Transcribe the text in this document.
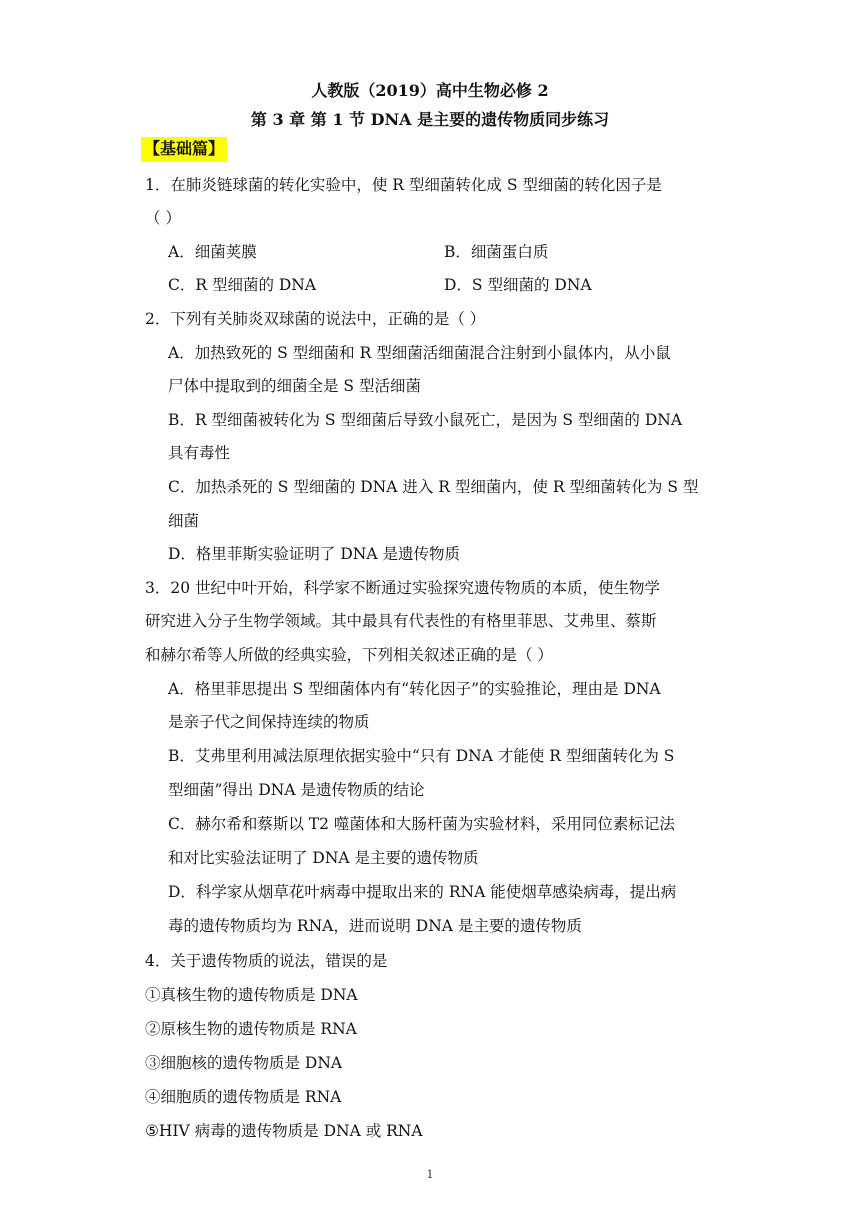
人教版（2019）高中生物必修 2
第 3 章 第 1 节 DNA 是主要的遗传物质同步练习
【基础篇】
1．在肺炎链球菌的转化实验中，使 R 型细菌转化成 S 型细菌的转化因子是
（ ）
A．细菌荚膜	B．细菌蛋白质
C．R 型细菌的 DNA	D．S 型细菌的 DNA
2．下列有关肺炎双球菌的说法中，正确的是（ ）
A．加热致死的 S 型细菌和 R 型细菌活细菌混合注射到小鼠体内，从小鼠
尸体中提取到的细菌全是 S 型活细菌
B．R 型细菌被转化为 S 型细菌后导致小鼠死亡，是因为 S 型细菌的 DNA
具有毒性
C．加热杀死的 S 型细菌的 DNA 进入 R 型细菌内，使 R 型细菌转化为 S 型
细菌
D．格里菲斯实验证明了 DNA 是遗传物质
3．20 世纪中叶开始，科学家不断通过实验探究遗传物质的本质，使生物学
研究进入分子生物学领域。其中最具有代表性的有格里菲思、艾弗里、蔡斯
和赫尔希等人所做的经典实验，下列相关叙述正确的是（ ）
A．格里菲思提出 S 型细菌体内有“转化因子”的实验推论，理由是 DNA
是亲子代之间保持连续的物质
B．艾弗里利用减法原理依据实验中“只有 DNA 才能使 R 型细菌转化为 S
型细菌”得出 DNA 是遗传物质的结论
C．赫尔希和蔡斯以 T2 噬菌体和大肠杆菌为实验材料，采用同位素标记法
和对比实验法证明了 DNA 是主要的遗传物质
D．科学家从烟草花叶病毒中提取出来的 RNA 能使烟草感染病毒，提出病
毒的遗传物质均为 RNA，进而说明 DNA 是主要的遗传物质
4．关于遗传物质的说法，错误的是
①真核生物的遗传物质是 DNA
②原核生物的遗传物质是 RNA
③细胞核的遗传物质是 DNA
④细胞质的遗传物质是 RNA
⑤HIV 病毒的遗传物质是 DNA 或 RNA
1
